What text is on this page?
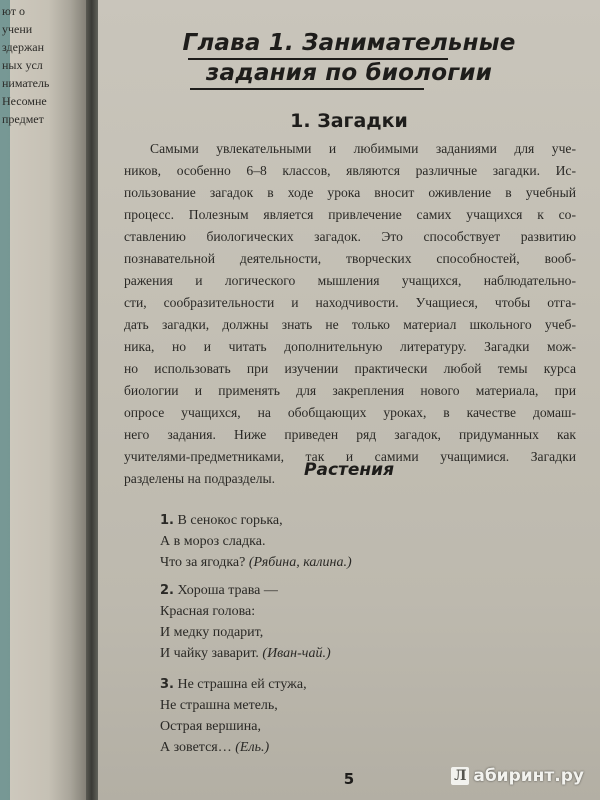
ют о
учени
здержан
ных усл
ниматель
Несомне
предмет
Глава 1. Занимательные
задания по биологии
1. Загадки
Самыми увлекательными и любимыми заданиями для уче-
ников, особенно 6–8 классов, являются различные загадки. Ис-
пользование загадок в ходе урока вносит оживление в учебный
процесс. Полезным является привлечение самих учащихся к со-
ставлению биологических загадок. Это способствует развитию
познавательной деятельности, творческих способностей, вооб-
ражения и логического мышления учащихся, наблюдательно-
сти, сообразительности и находчивости. Учащиеся, чтобы отга-
дать загадки, должны знать не только материал школьного учеб-
ника, но и читать дополнительную литературу. Загадки мож-
но использовать при изучении практически любой темы курса
биологии и применять для закрепления нового материала, при
опросе учащихся, на обобщающих уроках, в качестве домаш-
него задания. Ниже приведен ряд загадок, придуманных как
учителями-предметниками, так и самими учащимися. Загадки
разделены на подразделы.	Растения
1. В сенокос горька,
А в мороз сладка.
Что за ягодка? (Рябина, калина.)
2. Хороша трава —
Красная голова:
И медку подарит,
И чайку заварит. (Иван-чай.)
3. Не страшна ей стужа,
Не страшна метель,
Острая вершина,
А зовется… (Ель.)
5	Л абиринт.ру
